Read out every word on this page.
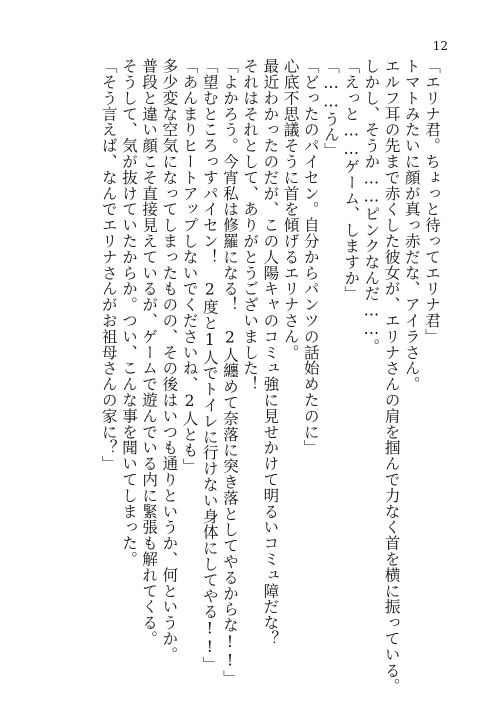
12

「エリナ君。ちょっと待ってエリナ君」

トマトみたいに顔が真っ赤だな、アイラさん。

エルフ耳の先まで赤くした彼女が、エリナさんの肩を掴んで力なく首を横に振っている。

しかし、そうか……ピンクなんだ……。

「えっと……ゲーム、しますか」

「……うん」

「どったのパイセン。自分からパンツの話始めたのに」

心底不思議そうに首を傾げるエリナさん。

最近わかったのだが、この人陽キャのコミュ強に見せかけて明るいコミュ障だな？

それはそれとして、ありがとうございました！

「よかろう。今宵私は修羅になる！　2人纏めて奈落に突き落としてやるからな!!」

「望むところっすパイセン！　2度と1人でトイレに行けない身体にしてやる!!」

「あんまりヒートアップしないでくださいね、2人とも」

多少変な空気になってしまったものの、その後はいつも通りというか、何というか。

普段と違い顔こそ直接見えているが、ゲームで遊んでいる内に緊張も解れてくる。

そうして、気が抜けていたからか。つい、こんな事を聞いてしまった。

「そう言えば、なんでエリナさんがお祖母さんの家に？」
